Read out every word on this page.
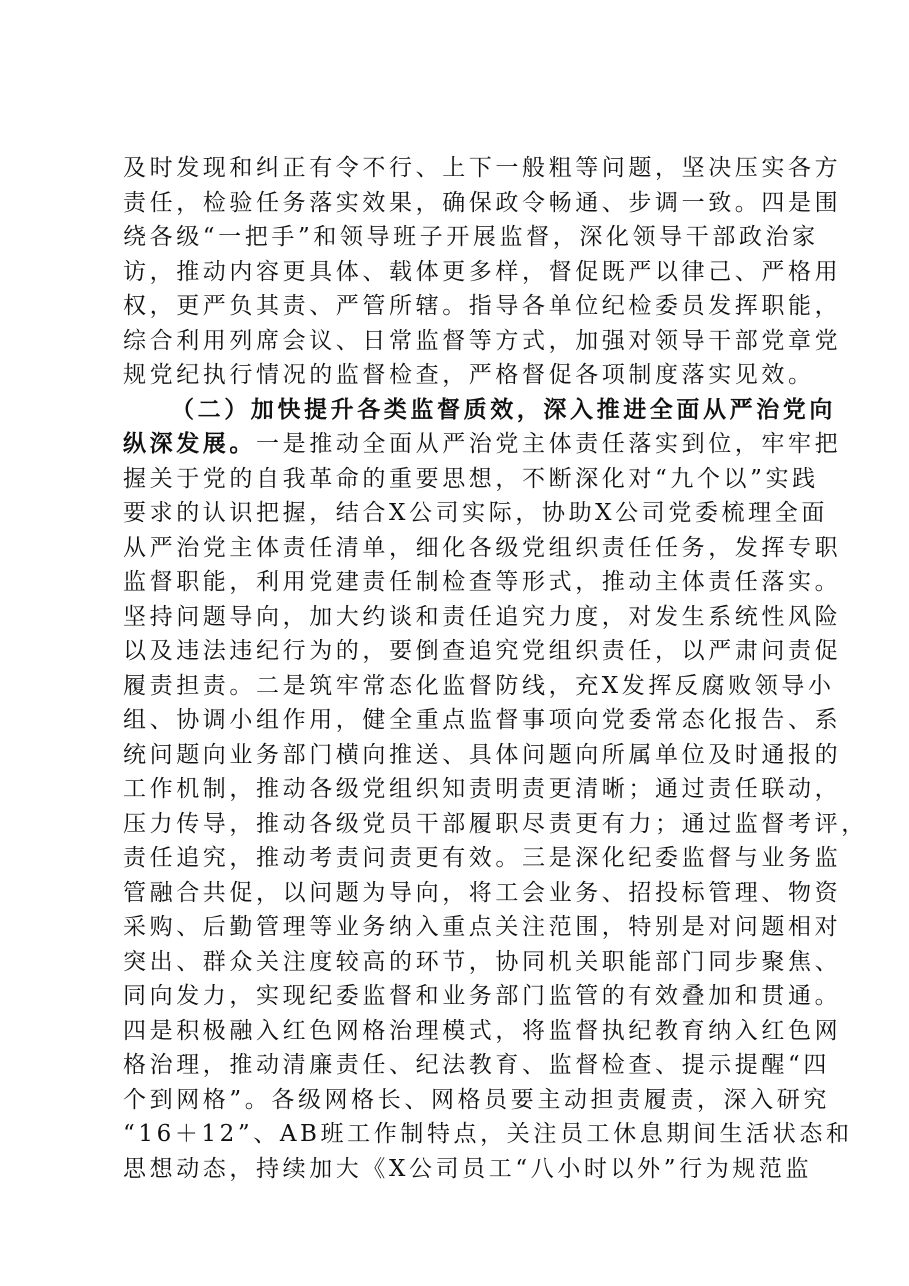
及时发现和纠正有令不行、上下一般粗等问题，坚决压实各方
责任，检验任务落实效果，确保政令畅通、步调一致。四是围
绕各级“一把手”和领导班子开展监督，深化领导干部政治家
访，推动内容更具体、载体更多样，督促既严以律己、严格用
权，更严负其责、严管所辖。指导各单位纪检委员发挥职能，
综合利用列席会议、日常监督等方式，加强对领导干部党章党
规党纪执行情况的监督检查，严格督促各项制度落实见效。
（二）加快提升各类监督质效，深入推进全面从严治党向
纵深发展。一是推动全面从严治党主体责任落实到位，牢牢把
握关于党的自我革命的重要思想，不断深化对“九个以”实践
要求的认识把握，结合X公司实际，协助X公司党委梳理全面
从严治党主体责任清单，细化各级党组织责任任务，发挥专职
监督职能，利用党建责任制检查等形式，推动主体责任落实。
坚持问题导向，加大约谈和责任追究力度，对发生系统性风险
以及违法违纪行为的，要倒查追究党组织责任，以严肃问责促
履责担责。二是筑牢常态化监督防线，充X发挥反腐败领导小
组、协调小组作用，健全重点监督事项向党委常态化报告、系
统问题向业务部门横向推送、具体问题向所属单位及时通报的
工作机制，推动各级党组织知责明责更清晰；通过责任联动，
压力传导，推动各级党员干部履职尽责更有力；通过监督考评，
责任追究，推动考责问责更有效。三是深化纪委监督与业务监
管融合共促，以问题为导向，将工会业务、招投标管理、物资
采购、后勤管理等业务纳入重点关注范围，特别是对问题相对
突出、群众关注度较高的环节，协同机关职能部门同步聚焦、
同向发力，实现纪委监督和业务部门监管的有效叠加和贯通。
四是积极融入红色网格治理模式，将监督执纪教育纳入红色网
格治理，推动清廉责任、纪法教育、监督检查、提示提醒“四
个到网格”。各级网格长、网格员要主动担责履责，深入研究
“16＋12”、AB班工作制特点，关注员工休息期间生活状态和
思想动态，持续加大《X公司员工“八小时以外”行为规范监
